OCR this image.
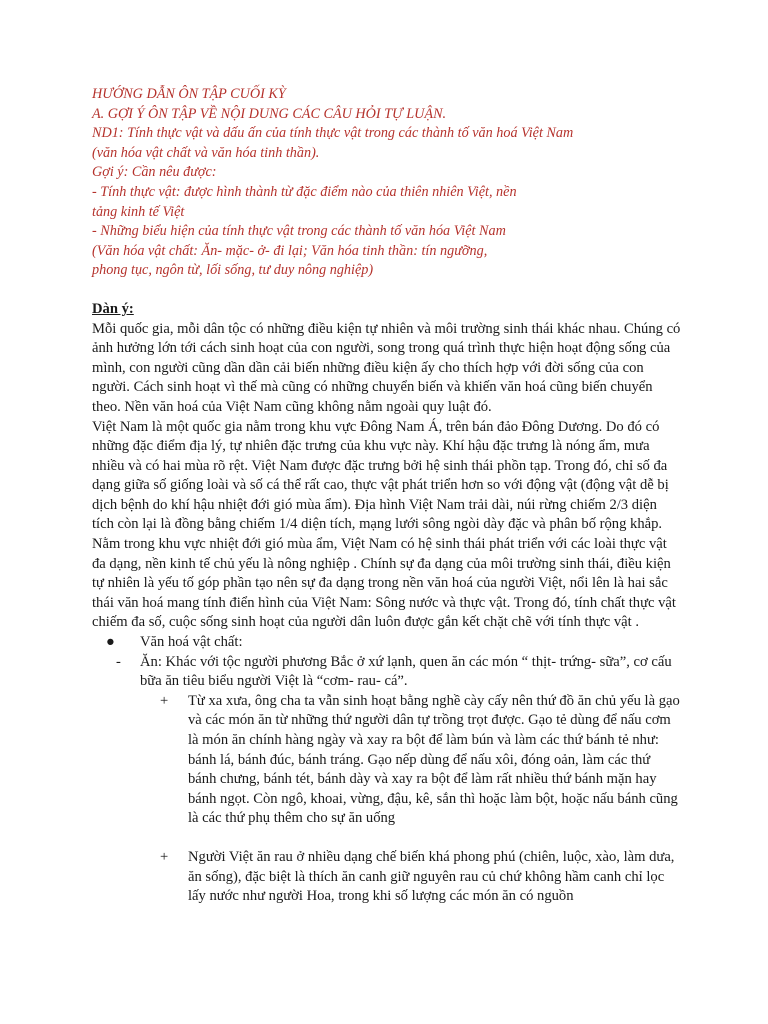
HƯỚNG DẪN ÔN TẬP CUỐI KỲ

A. GỢI Ý ÔN TẬP VỀ NỘI DUNG CÁC CÂU HỎI TỰ LUẬN.

ND1: Tính thực vật và dấu ấn của tính thực vật trong các thành tố văn hoá Việt Nam

(văn hóa vật chất và văn hóa tinh thần).

Gợi ý: Cần nêu được:

- Tính thực vật: được hình thành từ đặc điểm nào của thiên nhiên Việt, nền

tảng kinh tế Việt

- Những biểu hiện của tính thực vật trong các thành tố văn hóa Việt Nam

(Văn hóa vật chất: Ăn- mặc- ở- đi lại; Văn hóa tinh thần: tín ngưỡng,

phong tục, ngôn từ, lối sống, tư duy nông nghiệp)

Dàn ý:

Mỗi quốc gia, mỗi dân tộc có những điều kiện tự nhiên và môi trường sinh thái khác nhau. Chúng có ảnh hưởng lớn tới cách sinh hoạt của con người, song trong quá trình thực hiện hoạt động sống của mình, con người cũng dần dần cải biến những điều kiện ấy cho thích hợp với đời sống của con người. Cách sinh hoạt vì thế mà cũng có những chuyển biến và khiến văn hoá cũng biến chuyển theo. Nền văn hoá của Việt Nam cũng không nằm ngoài quy luật đó.

Việt Nam là một quốc gia nằm trong khu vực Đông Nam Á, trên bán đảo Đông Dương. Do đó có những đặc điểm địa lý, tự nhiên đặc trưng của khu vực này. Khí hậu đặc trưng là nóng ẩm, mưa nhiều và có hai mùa rõ rệt. Việt Nam được đặc trưng bởi hệ sinh thái phồn tạp. Trong đó, chỉ số đa dạng giữa số giống loài và số cá thể rất cao, thực vật phát triển hơn so với động vật (động vật dễ bị dịch bệnh do khí hậu nhiệt đới gió mùa ẩm). Địa hình Việt Nam trải dài, núi rừng chiếm 2/3 diện tích còn lại là đồng bằng chiếm 1/4 diện tích, mạng lưới sông ngòi dày đặc và phân bố rộng khắp. Nằm trong khu vực nhiệt đới gió mùa ẩm, Việt Nam có hệ sinh thái phát triển với các loài thực vật đa dạng, nền kinh tế chủ yếu là nông nghiệp . Chính sự đa dạng của môi trường sinh thái, điều kiện tự nhiên là yếu tố góp phần tạo nên sự đa dạng trong nền văn hoá của người Việt, nổi lên là hai sắc thái văn hoá mang tính điển hình của Việt Nam: Sông nước và thực vật. Trong đó, tính chất thực vật chiếm đa số, cuộc sống sinh hoạt của người dân luôn được gắn kết chặt chẽ với tính thực vật .

● Văn hoá vật chất:
- Ăn: Khác với tộc người phương Bắc ở xứ lạnh, quen ăn các món “ thịt- trứng- sữa”, cơ cấu bữa ăn tiêu biểu người Việt là “cơm- rau- cá”.
+ Từ xa xưa, ông cha ta vẫn sinh hoạt bằng nghề cày cấy nên thứ đồ ăn chủ yếu là gạo và các món ăn từ những thứ người dân tự trồng trọt được. Gạo tẻ dùng để nấu cơm là món ăn chính hàng ngày và xay ra bột để làm bún và làm các thứ bánh tẻ như: bánh lá, bánh đúc, bánh tráng. Gạo nếp dùng để nấu xôi, đóng oản, làm các thứ bánh chưng, bánh tét, bánh dày và xay ra bột để làm rất nhiều thứ bánh mặn hay bánh ngọt. Còn ngô, khoai, vừng, đậu, kê, sắn thì hoặc làm bột, hoặc nấu bánh cũng là các thứ phụ thêm cho sự ăn uống
+ Người Việt ăn rau ở nhiều dạng chế biến khá phong phú (chiên, luộc, xào, làm dưa, ăn sống), đặc biệt là thích ăn canh giữ nguyên rau củ chứ không hầm canh chỉ lọc lấy nước như người Hoa, trong khi số lượng các món ăn có nguồn
